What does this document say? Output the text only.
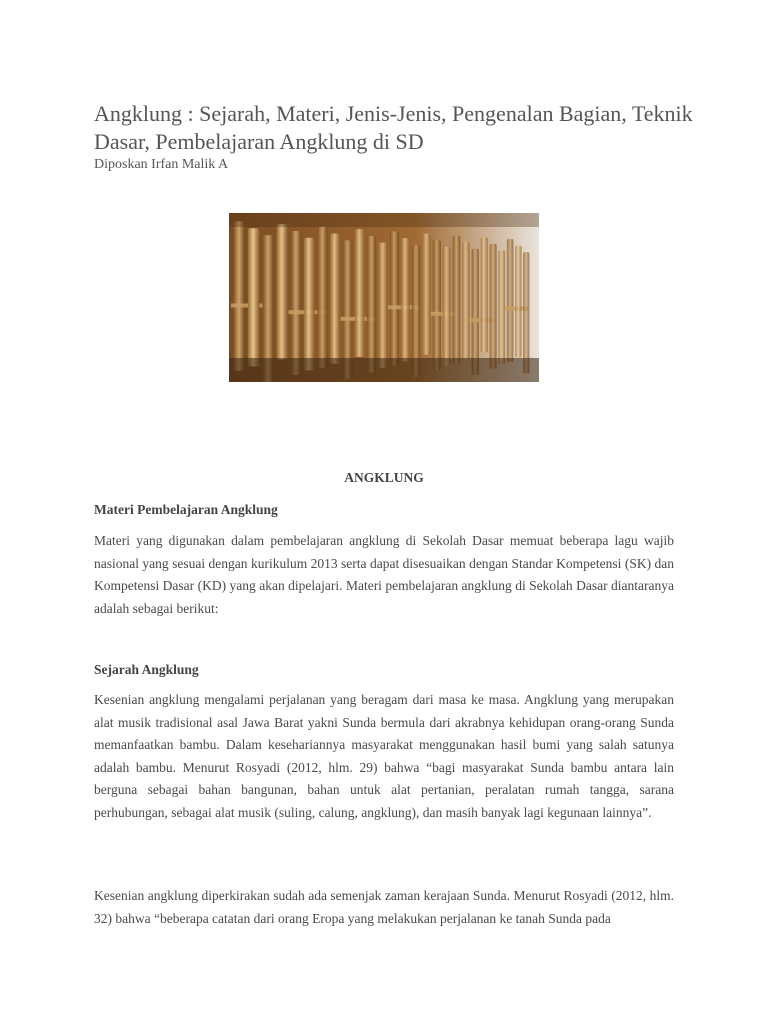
Angklung : Sejarah, Materi, Jenis-Jenis, Pengenalan Bagian, Teknik Dasar, Pembelajaran Angklung di SD
Diposkan Irfan Malik A
ANGKLUNG
Materi Pembelajaran Angklung

Materi yang digunakan dalam pembelajaran angklung di Sekolah Dasar memuat beberapa lagu wajib nasional yang sesuai dengan kurikulum 2013 serta dapat disesuaikan dengan Standar Kompetensi (SK) dan Kompetensi Dasar (KD) yang akan dipelajari. Materi pembelajaran angklung di Sekolah Dasar diantaranya adalah sebagai berikut:

Sejarah Angklung

Kesenian angklung mengalami perjalanan yang beragam dari masa ke masa. Angklung yang merupakan alat musik tradisional asal Jawa Barat yakni Sunda bermula dari akrabnya kehidupan orang-orang Sunda memanfaatkan bambu. Dalam kesehariannya masyarakat menggunakan hasil bumi yang salah satunya adalah bambu. Menurut Rosyadi (2012, hlm. 29) bahwa “bagi masyarakat Sunda bambu antara lain berguna sebagai bahan bangunan, bahan untuk alat pertanian, peralatan rumah tangga, sarana perhubungan, sebagai alat musik (suling, calung, angklung), dan masih banyak lagi kegunaan lainnya”.

Kesenian angklung diperkirakan sudah ada semenjak zaman kerajaan Sunda. Menurut Rosyadi (2012, hlm. 32) bahwa “beberapa catatan dari orang Eropa yang melakukan perjalanan ke tanah Sunda pada
